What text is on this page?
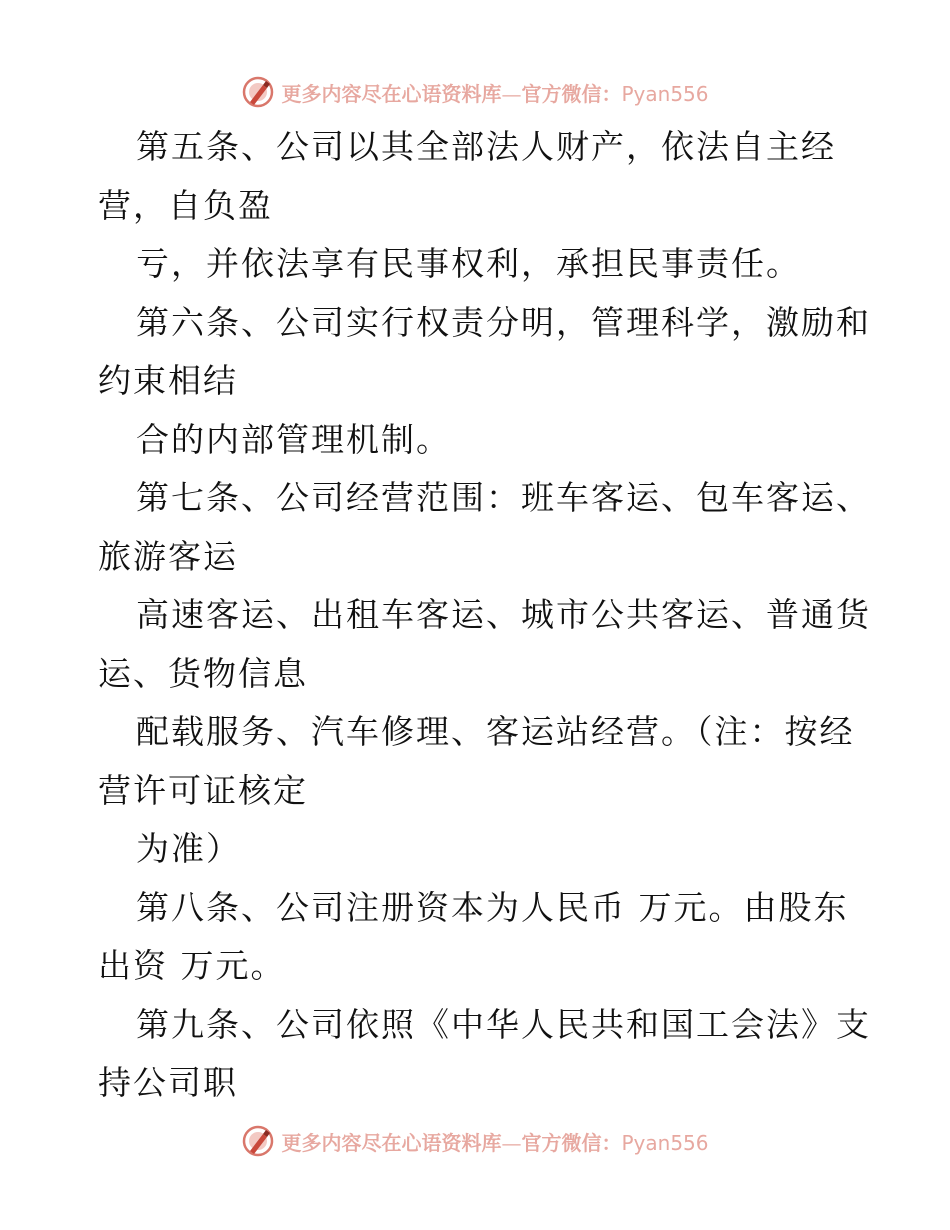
更多内容尽在心语资料库—官方微信：Pyan556
第五条、公司以其全部法人财产，依法自主经
营，自负盈
亏，并依法享有民事权利，承担民事责任。
第六条、公司实行权责分明，管理科学，激励和
约束相结
合的内部管理机制。
第七条、公司经营范围：班车客运、包车客运、
旅游客运
高速客运、出租车客运、城市公共客运、普通货
运、货物信息
配载服务、汽车修理、客运站经营。（注：按经
营许可证核定
为准）
第八条、公司注册资本为人民币 万元。由股东
出资 万元。
第九条、公司依照《中华人民共和国工会法》支
持公司职
更多内容尽在心语资料库—官方微信：Pyan556
